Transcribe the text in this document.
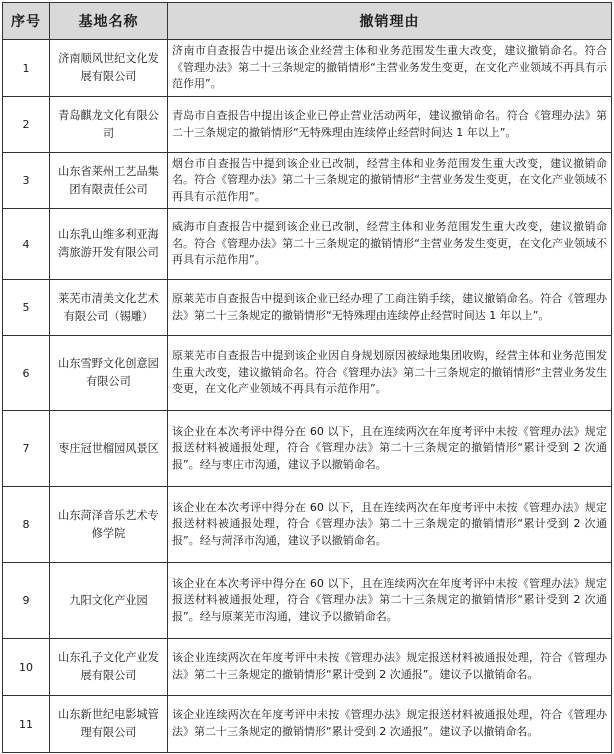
序号	基地名称	撤销理由
1	济南顺风世纪文化发展有限公司	济南市自查报告中提出该企业经营主体和业务范围发生重大改变，建议撤销命名。符合《管理办法》第二十三条规定的撤销情形“主营业务发生变更，在文化产业领域不再具有示范作用”。
2	青岛麒龙文化有限公司	青岛市自查报告中提出该企业已停止营业活动两年，建议撤销命名。符合《管理办法》第二十三条规定的撤销情形“无特殊理由连续停止经营时间达 1 年以上”。
3	山东省莱州工艺品集团有限责任公司	烟台市自查报告中提到该企业已改制，经营主体和业务范围发生重大改变，建议撤销命名。符合《管理办法》第二十三条规定的撤销情形“主营业务发生变更，在文化产业领域不再具有示范作用”。
4	山东乳山维多利亚海湾旅游开发有限公司	威海市自查报告中提到该企业已改制，经营主体和业务范围发生重大改变，建议撤销命名。符合《管理办法》第二十三条规定的撤销情形“主营业务发生变更，在文化产业领域不再具有示范作用”。
5	莱芜市清美文化艺术有限公司（锡雕）	原莱芜市自查报告中提到该企业已经办理了工商注销手续，建议撤销命名。符合《管理办法》第二十三条规定的撤销情形“无特殊理由连续停止经营时间达 1 年以上”。
6	山东雪野文化创意园有限公司	原莱芜市自查报告中提到该企业因自身规划原因被绿地集团收购，经营主体和业务范围发生重大改变，建议撤销命名。符合《管理办法》第二十三条规定的撤销情形“主营业务发生变更，在文化产业领域不再具有示范作用”。
7	枣庄冠世榴园风景区	该企业在本次考评中得分在 60 以下，且在连续两次在年度考评中未按《管理办法》规定报送材料被通报处理，符合《管理办法》第二十三条规定的撤销情形“累计受到 2 次通报”。经与枣庄市沟通，建议予以撤销命名。
8	山东菏泽音乐艺术专修学院	该企业在本次考评中得分在 60 以下，且在连续两次在年度考评中未按《管理办法》规定报送材料被通报处理，符合《管理办法》第二十三条规定的撤销情形“累计受到 2 次通报”。经与菏泽市沟通，建议予以撤销命名。
9	九阳文化产业园	该企业在本次考评中得分在 60 以下，且在连续两次在年度考评中未按《管理办法》规定报送材料被通报处理，符合《管理办法》第二十三条规定的撤销情形“累计受到 2 次通报”。经与原莱芜市沟通，建议予以撤销命名。
10	山东孔子文化产业发展有限公司	该企业连续两次在年度考评中未按《管理办法》规定报送材料被通报处理，符合《管理办法》第二十三条规定的撤销情形“累计受到 2 次通报”。建议予以撤销命名。
11	山东新世纪电影城管理有限公司	该企业连续两次在年度考评中未按《管理办法》规定报送材料被通报处理，符合《管理办法》第二十三条规定的撤销情形“累计受到 2 次通报”。建议予以撤销命名。
